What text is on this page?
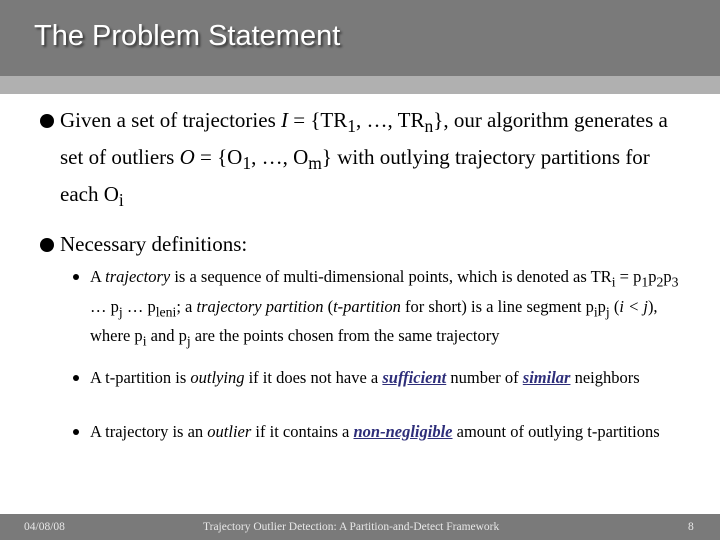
The Problem Statement
Given a set of trajectories $I = \{TR_1$, …, $TR_n$}, our algorithm generates a set of outliers $O = \{O_1$, …, $O_m$} with outlying trajectory partitions for each $O_i$
Necessary definitions:
A trajectory is a sequence of multi-dimensional points, which is denoted as $TR_i = p_1p_2p_3$ … $p_j$ … $p_{leni}$; a trajectory partition (t-partition for short) is a line segment $p_ip_j$ (i < j), where $p_i$ and $p_j$ are the points chosen from the same trajectory
A t-partition is outlying if it does not have a sufficient number of similar neighbors
A trajectory is an outlier if it contains a non-negligible amount of outlying t-partitions
04/08/08	Trajectory Outlier Detection: A Partition-and-Detect Framework	8
